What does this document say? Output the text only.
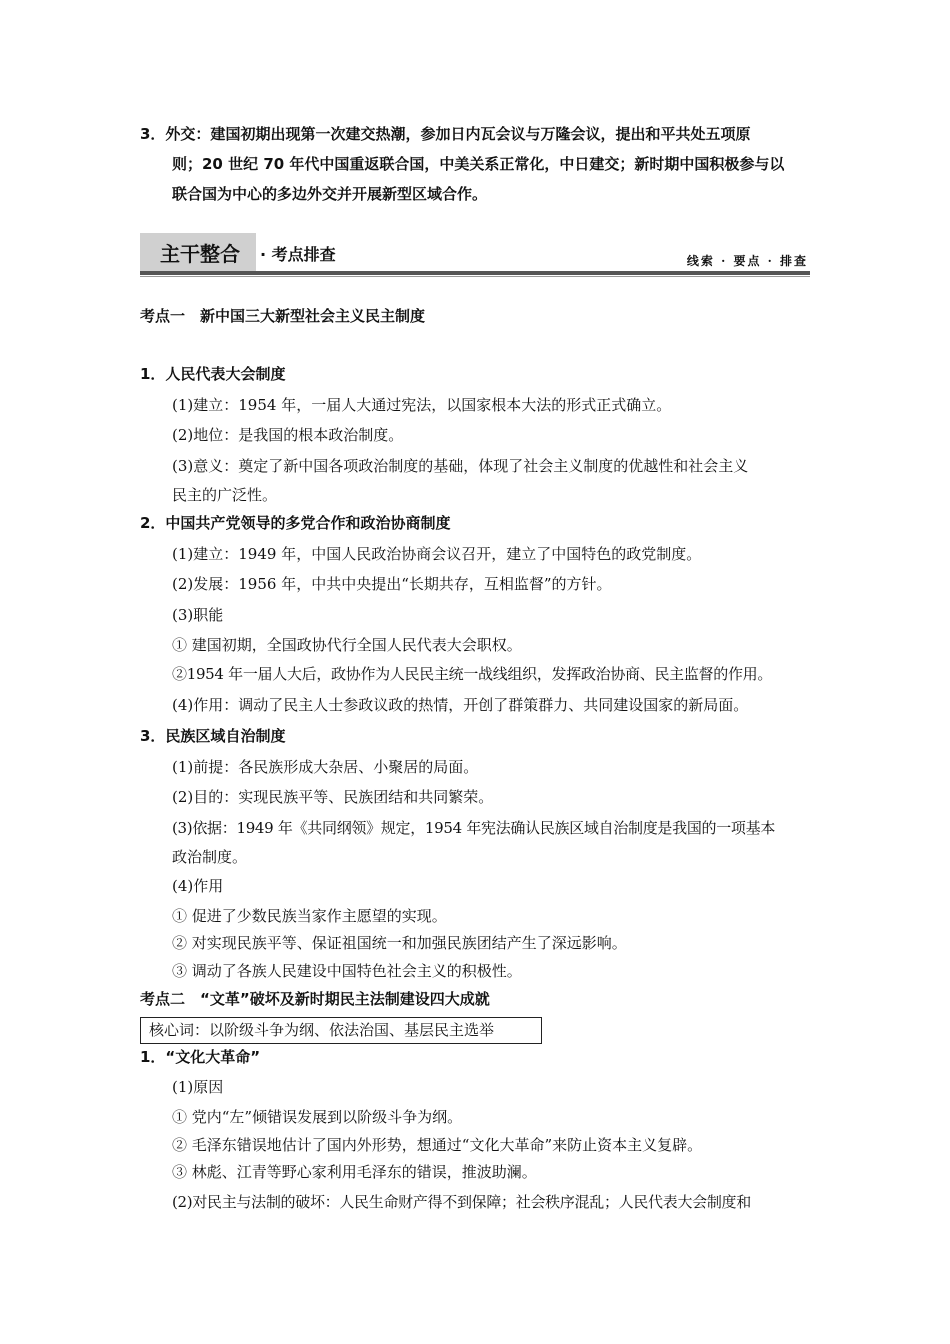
3．外交：建国初期出现第一次建交热潮，参加日内瓦会议与万隆会议，提出和平共处五项原
则；20 世纪 70 年代中国重返联合国，中美关系正常化，中日建交；新时期中国积极参与以
联合国为中心的多边外交并开展新型区域合作。
主干整合 · 考点排查	线索 · 要点 · 排查
考点一　新中国三大新型社会主义民主制度
1．人民代表大会制度
(1)建立：1954 年，一届人大通过宪法，以国家根本大法的形式正式确立。
(2)地位：是我国的根本政治制度。
(3)意义：奠定了新中国各项政治制度的基础，体现了社会主义制度的优越性和社会主义
民主的广泛性。
2．中国共产党领导的多党合作和政治协商制度
(1)建立：1949 年，中国人民政治协商会议召开，建立了中国特色的政党制度。
(2)发展：1956 年，中共中央提出“长期共存，互相监督”的方针。
(3)职能
① 建国初期，全国政协代行全国人民代表大会职权。
②1954 年一届人大后，政协作为人民民主统一战线组织，发挥政治协商、民主监督的作用。
(4)作用：调动了民主人士参政议政的热情，开创了群策群力、共同建设国家的新局面。
3．民族区域自治制度
(1)前提：各民族形成大杂居、小聚居的局面。
(2)目的：实现民族平等、民族团结和共同繁荣。
(3)依据：1949 年《共同纲领》规定，1954 年宪法确认民族区域自治制度是我国的一项基本
政治制度。
(4)作用
① 促进了少数民族当家作主愿望的实现。
② 对实现民族平等、保证祖国统一和加强民族团结产生了深远影响。
③ 调动了各族人民建设中国特色社会主义的积极性。
考点二　“文革”破坏及新时期民主法制建设四大成就
核心词：以阶级斗争为纲、依法治国、基层民主选举
1．“文化大革命”
(1)原因
① 党内“左”倾错误发展到以阶级斗争为纲。
② 毛泽东错误地估计了国内外形势，想通过“文化大革命”来防止资本主义复辟。
③ 林彪、江青等野心家利用毛泽东的错误，推波助澜。
(2)对民主与法制的破坏：人民生命财产得不到保障；社会秩序混乱；人民代表大会制度和
